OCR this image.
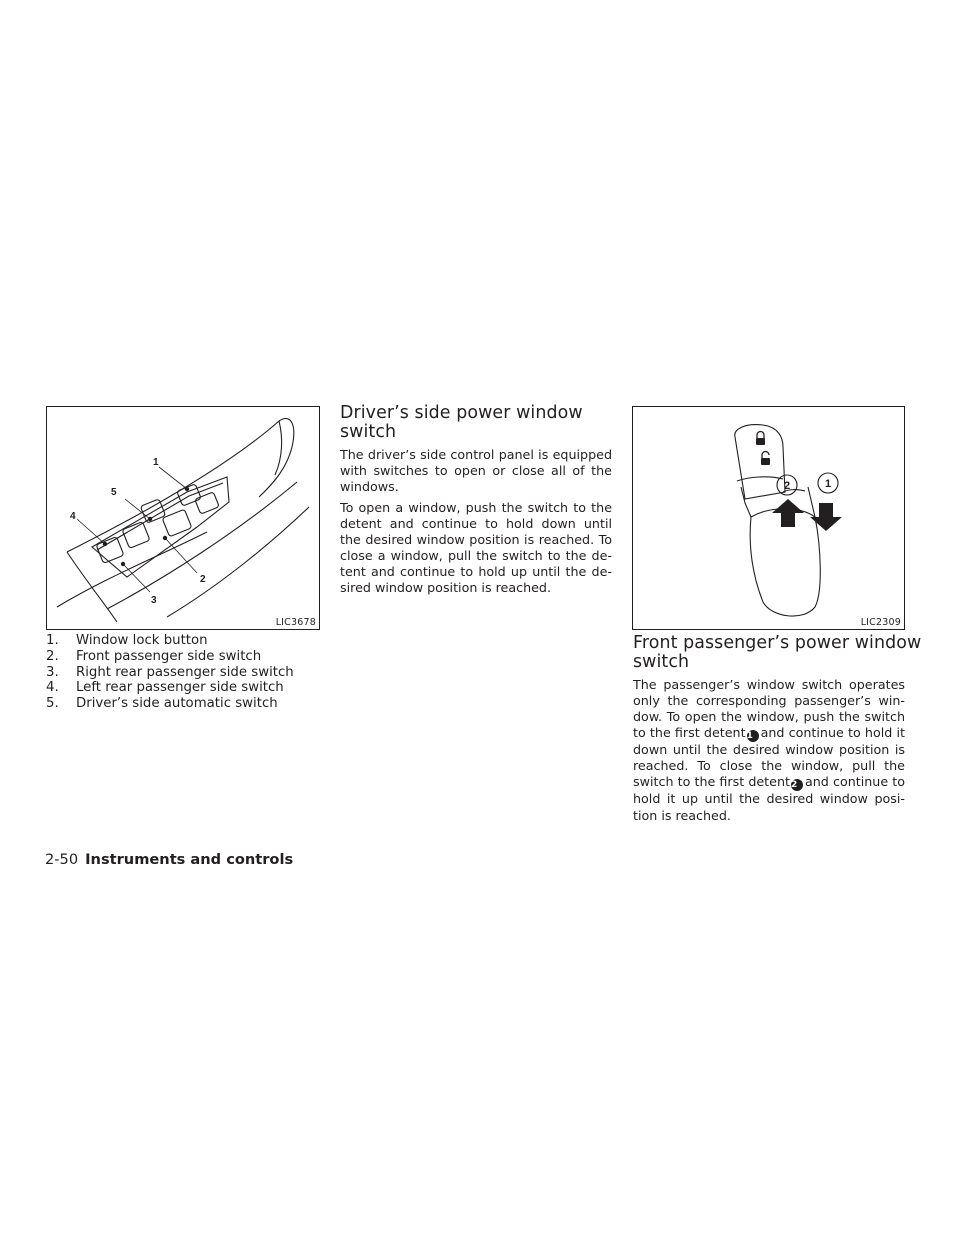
1
2
3
4
5
LIC3678
1.	Window lock button
2.	Front passenger side switch
3.	Right rear passenger side switch
4.	Left rear passenger side switch
5.	Driver’s side automatic switch
Driver’s side power window
switch

The driver’s side control panel is equipped with switches to open or close all of the windows.

To open a window, push the switch to the detent and continue to hold down until the desired window position is reached. To close a window, pull the switch to the detent and continue to hold up until the desired window position is reached.

2	1
LIC2309
Front passenger’s power window
switch

The passenger’s window switch operates only the corresponding passenger’s window. To open the window, push the switch to the first detent1 and continue to hold it down until the desired window position is reached. To close the window, pull the switch to the first detent2 and continue to hold it up until the desired window position is reached.

2-50 Instruments and controls
